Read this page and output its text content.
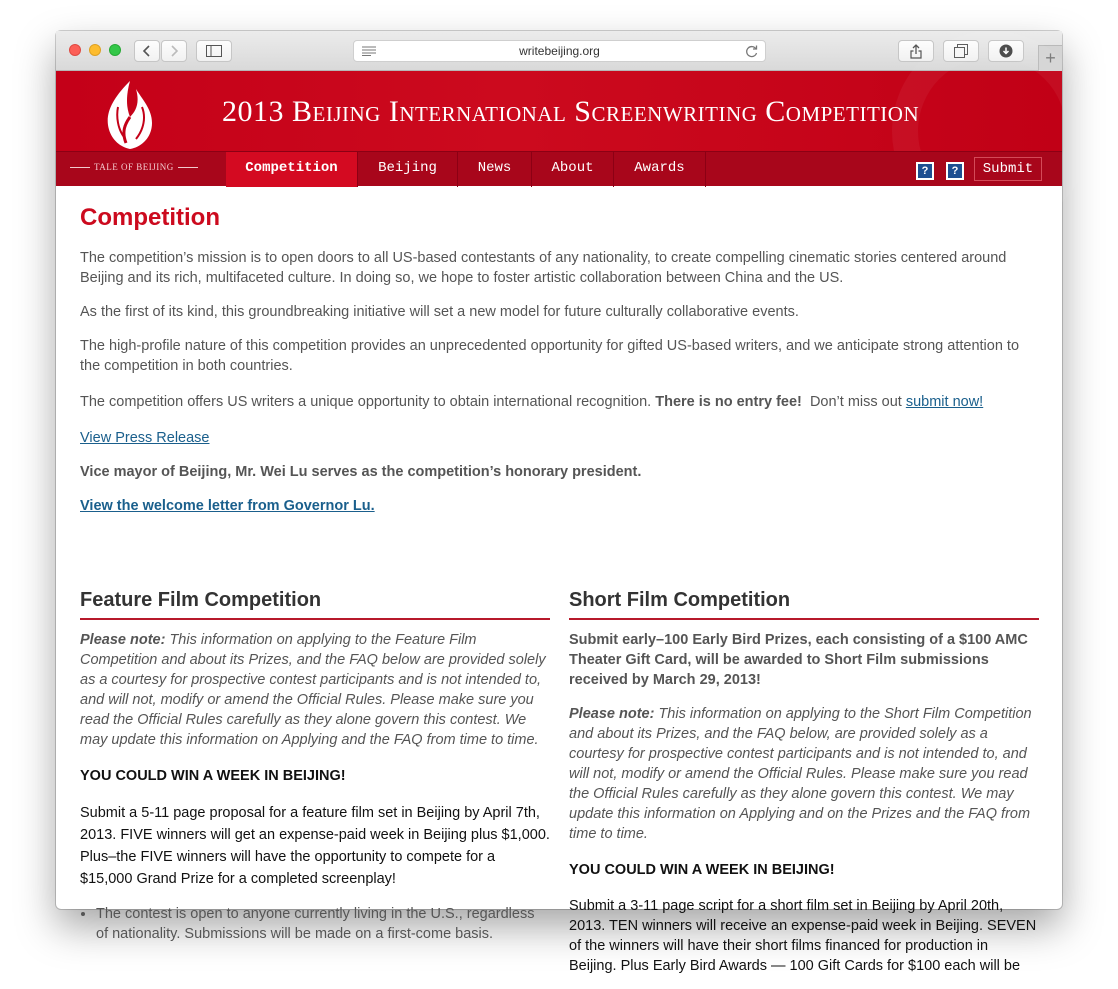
writebeijing.org	+
2013 Beijing International Screenwriting Competition
TALE OF BEIJING	Competition	Beijing	News	About	Awards	?	?	Submit
Competition
The competition’s mission is to open doors to all US-based contestants of any nationality, to create compelling cinematic stories centered around Beijing and its rich, multifaceted culture. In doing so, we hope to foster artistic collaboration between China and the US.
As the first of its kind, this groundbreaking initiative will set a new model for future culturally collaborative events.
The high-profile nature of this competition provides an unprecedented opportunity for gifted US-based writers, and we anticipate strong attention to the competition in both countries.
The competition offers US writers a unique opportunity to obtain international recognition. There is no entry fee!  Don’t miss out submit now!
View Press Release
Vice mayor of Beijing, Mr. Wei Lu serves as the competition’s honorary president.
View the welcome letter from Governor Lu.
Feature Film Competition

Please note: This information on applying to the Feature Film Competition and about its Prizes, and the FAQ below are provided solely as a courtesy for prospective contest participants and is not intended to, and will not, modify or amend the Official Rules. Please make sure you read the Official Rules carefully as they alone govern this contest. We may update this information on Applying and the FAQ from time to time.

YOU COULD WIN A WEEK IN BEIJING!

Submit a 5-11 page proposal for a feature film set in Beijing by April 7th, 2013. FIVE winners will get an expense-paid week in Beijing plus $1,000. Plus–the FIVE winners will have the opportunity to compete for a $15,000 Grand Prize for a completed screenplay!

• The contest is open to anyone currently living in the U.S., regardless of nationality. Submissions will be made on a first-come basis.
Short Film Competition

Submit early–100 Early Bird Prizes, each consisting of a $100 AMC Theater Gift Card, will be awarded to Short Film submissions received by March 29, 2013!

Please note: This information on applying to the Short Film Competition and about its Prizes, and the FAQ below, are provided solely as a courtesy for prospective contest participants and is not intended to, and will not, modify or amend the Official Rules. Please make sure you read the Official Rules carefully as they alone govern this contest. We may update this information on Applying and on the Prizes and the FAQ from time to time.

YOU COULD WIN A WEEK IN BEIJING!

Submit a 3-11 page script for a short film set in Beijing by April 20th, 2013. TEN winners will receive an expense-paid week in Beijing. SEVEN of the winners will have their short films financed for production in Beijing. Plus Early Bird Awards — 100 Gift Cards for $100 each will be
